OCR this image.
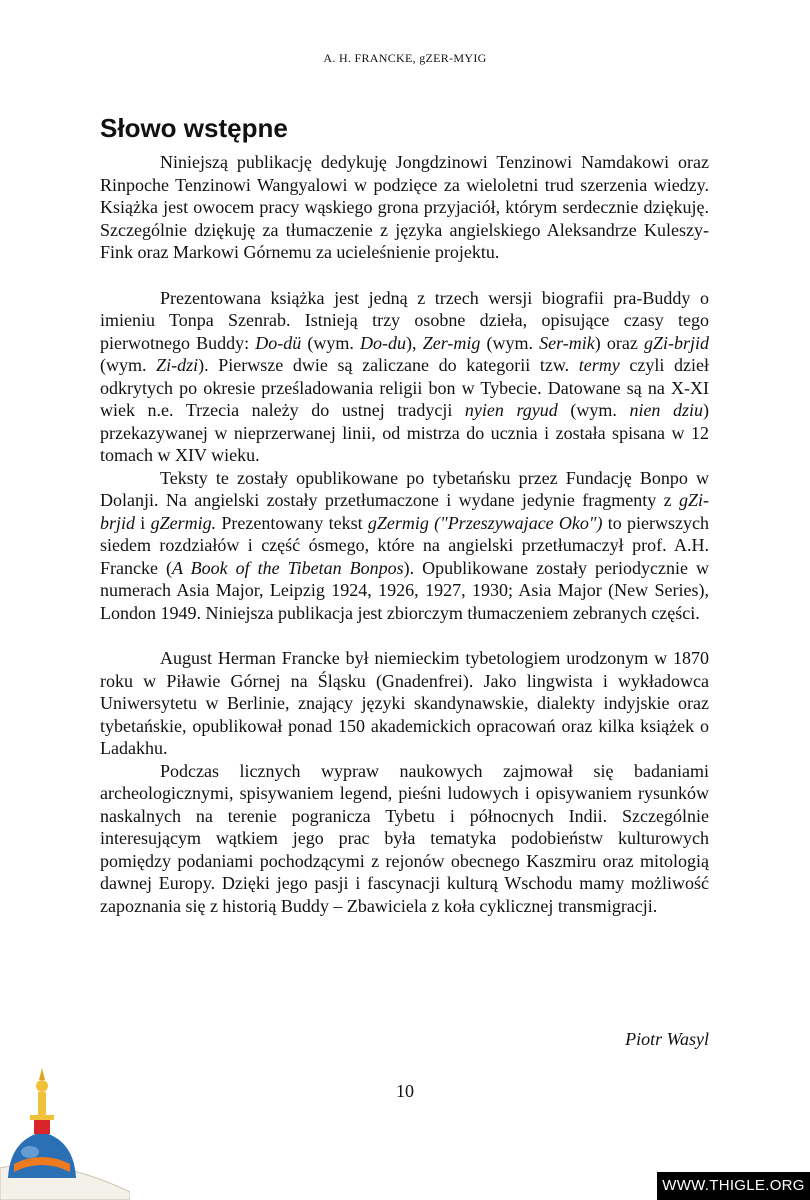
A. H. FRANCKE, gZER-MYIG
Słowo wstępne

Niniejszą publikację dedykuję Jongdzinowi Tenzinowi Namdakowi oraz Rinpoche Tenzinowi Wangyalowi w podzięce za wieloletni trud szerzenia wiedzy. Książka jest owocem pracy wąskiego grona przyjaciół, którym serdecznie dziękuję. Szczególnie dziękuję za tłumaczenie z języka angielskiego Aleksandrze Kuleszy-Fink oraz Markowi Górnemu za ucieleśnienie projektu.

Prezentowana książka jest jedną z trzech wersji biografii pra-Buddy o imieniu Tonpa Szenrab. Istnieją trzy osobne dzieła, opisujące czasy tego pierwotnego Buddy: Do-dü (wym. Do-du), Zer-mig (wym. Ser-mik) oraz gZi-brjid (wym. Zi-dzi). Pierwsze dwie są zaliczane do kategorii tzw. termy czyli dzieł odkrytych po okresie prześladowania religii bon w Tybecie. Datowane są na X-XI wiek n.e. Trzecia należy do ustnej tradycji nyien rgyud (wym. nien dziu) przekazywanej w nieprzerwanej linii, od mistrza do ucznia i została spisana w 12 tomach w XIV wieku.

Teksty te zostały opublikowane po tybetańsku przez Fundację Bonpo w Dolanji. Na angielski zostały przetłumaczone i wydane jedynie fragmenty z gZi-brjid i gZermig. Prezentowany tekst gZermig ("Przeszywajace Oko") to pierwszych siedem rozdziałów i część ósmego, które na angielski przetłumaczył prof. A.H. Francke (A Book of the Tibetan Bonpos). Opublikowane zostały periodycznie w numerach Asia Major, Leipzig 1924, 1926, 1927, 1930; Asia Major (New Series), London 1949. Niniejsza publikacja jest zbiorczym tłumaczeniem zebranych części.

August Herman Francke był niemieckim tybetologiem urodzonym w 1870 roku w Piławie Górnej na Śląsku (Gnadenfrei). Jako lingwista i wykładowca Uniwersytetu w Berlinie, znający języki skandynawskie, dialekty indyjskie oraz tybetańskie, opublikował ponad 150 akademickich opracowań oraz kilka książek o Ladakhu.

Podczas licznych wypraw naukowych zajmował się badaniami archeologicznymi, spisywaniem legend, pieśni ludowych i opisywaniem rysunków naskalnych na terenie pogranicza Tybetu i północnych Indii. Szczególnie interesującym wątkiem jego prac była tematyka podobieństw kulturowych pomiędzy podaniami pochodzącymi z rejonów obecnego Kaszmiru oraz mitologią dawnej Europy. Dzięki jego pasji i fascynacji kulturą Wschodu mamy możliwość zapoznania się z historią Buddy – Zbawiciela z koła cyklicznej transmigracji.

Piotr Wasyl
10
WWW.THIGLE.ORG
